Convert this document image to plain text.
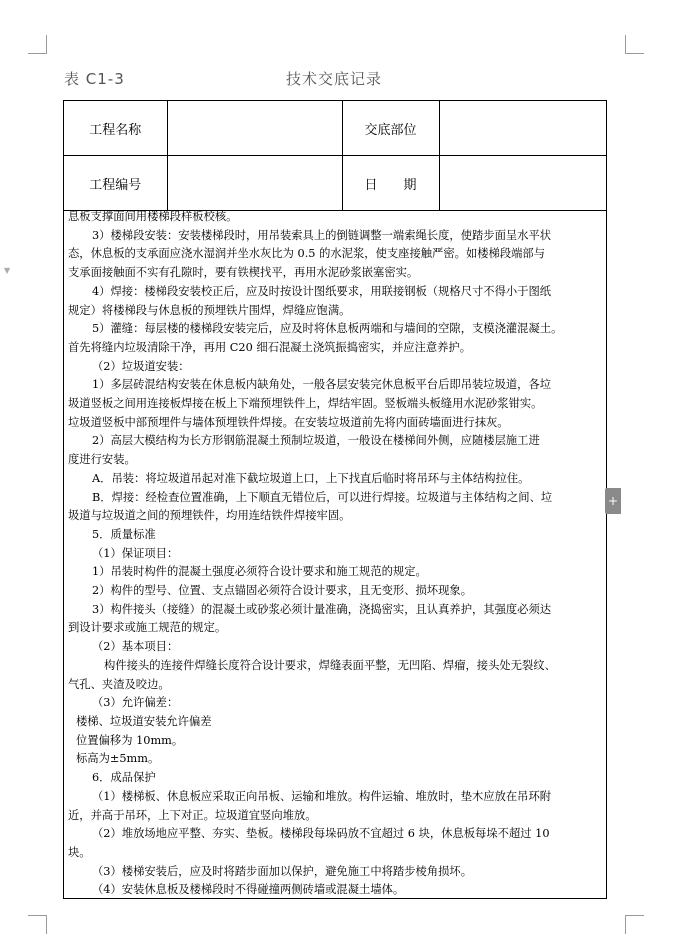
▼
表 C1-3	技术交底记录
工程名称		交底部位	
工程编号		日　　期	

息板支撑面间用楼梯段样板校核。

3）楼梯段安装：安装楼梯段时，用吊装索具上的倒链调整一端索绳长度，使踏步面呈水平状

态，休息板的支承面应浇水湿润并坐水灰比为 0.5 的水泥浆，使支座接触严密。如楼梯段端部与

支承面接触面不实有孔隙时，要有铁楔找平，再用水泥砂浆嵌塞密实。

4）焊接：楼梯段安装校正后，应及时按设计图纸要求，用联接钢板（规格尺寸不得小于图纸

规定）将楼梯段与休息板的预埋铁片围焊，焊缝应饱满。

5）灌缝：每层楼的楼梯段安装完后，应及时将休息板两端和与墙间的空隙，支模浇灌混凝土。

首先将缝内垃圾清除干净，再用 C20 细石混凝土浇筑振捣密实，并应注意养护。

（2）垃圾道安装：

1）多层砖混结构安装在休息板内缺角处，一般各层安装完休息板平台后即吊装垃圾道，各垃

圾道竖板之间用连接板焊接在板上下端预埋铁件上，焊结牢固。竖板端头板缝用水泥砂浆钳实。

垃圾道竖板中部预埋件与墙体预埋铁件焊接。在安装垃圾道前先将内面砖墙面进行抹灰。

2）高层大模结构为长方形钢筋混凝土预制垃圾道，一般设在楼梯间外侧，应随楼层施工进

度进行安装。

A．吊装：将垃圾道吊起对准下截垃圾道上口，上下找直后临时将吊环与主体结构拉住。

B．焊接：经检查位置准确，上下顺直无错位后，可以进行焊接。垃圾道与主体结构之间、垃

圾道与垃圾道之间的预埋铁件，均用连结铁件焊接牢固。

5．质量标准

（1）保证项目：

1）吊装时构件的混凝土强度必须符合设计要求和施工规范的规定。

2）构件的型号、位置、支点锚固必须符合设计要求，且无变形、损坏现象。

3）构件接头（接缝）的混凝土或砂浆必须计量准确，浇捣密实，且认真养护，其强度必须达

到设计要求或施工规范的规定。

（2）基本项目：

构件接头的连接件焊缝长度符合设计要求，焊缝表面平整，无凹陷、焊瘤，接头处无裂纹、

气孔、夹渣及咬边。

（3）允许偏差：

楼梯、垃圾道安装允许偏差

位置偏移为 10mm。

标高为±5mm。

6．成品保护

（1）楼梯板、休息板应采取正向吊板、运输和堆放。构件运输、堆放时，垫木应放在吊环附

近，并高于吊环，上下对正。垃圾道宜竖向堆放。

（2）堆放场地应平整、夯实、垫板。楼梯段每垛码放不宜超过 6 块，休息板每垛不超过 10

块。

（3）楼梯安装后，应及时将踏步面加以保护，避免施工中将踏步棱角损坏。

（4）安装休息板及楼梯段时不得碰撞两侧砖墙或混凝土墙体。

+
